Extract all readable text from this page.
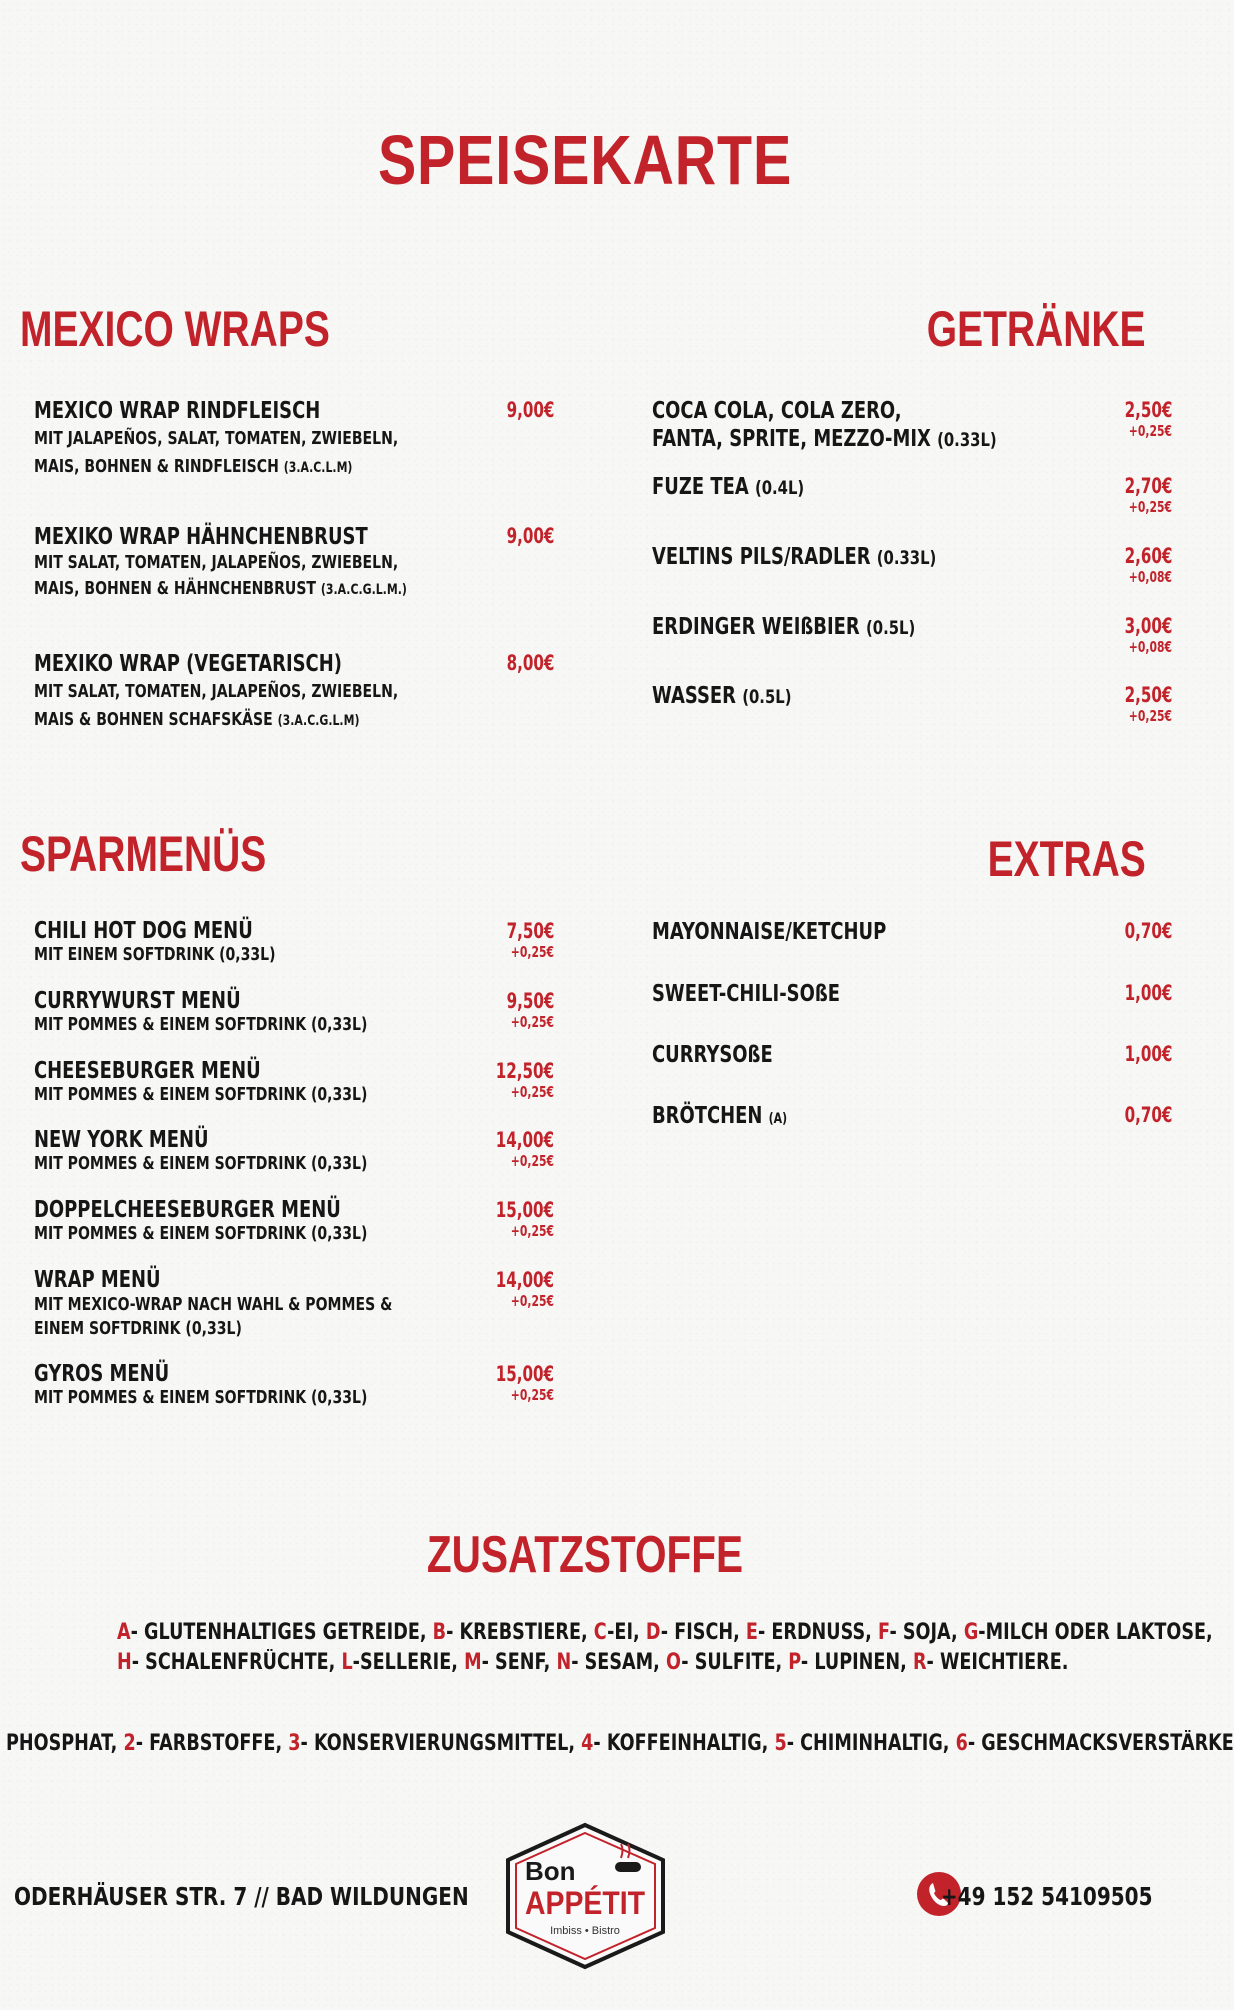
SPEISEKARTE
MEXICO WRAPS
MEXICO WRAP RINDFLEISCH
MIT JALAPEÑOS, SALAT, TOMATEN, ZWIEBELN,
MAIS, BOHNEN & RINDFLEISCH (3.A.C.L.M)
9,00€
MEXIKO WRAP HÄHNCHENBRUST
MIT SALAT, TOMATEN, JALAPEÑOS, ZWIEBELN,
MAIS, BOHNEN & HÄHNCHENBRUST (3.A.C.G.L.M.)
9,00€
MEXIKO WRAP (VEGETARISCH)
MIT SALAT, TOMATEN, JALAPEÑOS, ZWIEBELN,
MAIS & BOHNEN SCHAFSKÄSE (3.A.C.G.L.M)
8,00€
GETRÄNKE
COCA COLA, COLA ZERO,
FANTA, SPRITE, MEZZO-MIX (0.33L)
2,50€
+0,25€
FUZE TEA (0.4L)	2,70€
+0,25€
VELTINS PILS/RADLER (0.33L)	2,60€
+0,08€
ERDINGER WEIßBIER (0.5L)	3,00€
+0,08€
WASSER (0.5L)	2,50€
+0,25€
SPARMENÜS
CHILI HOT DOG MENÜ
MIT EINEM SOFTDRINK (0,33L)
7,50€
+0,25€
CURRYWURST MENÜ
MIT POMMES & EINEM SOFTDRINK (0,33L)
9,50€
+0,25€
CHEESEBURGER MENÜ
MIT POMMES & EINEM SOFTDRINK (0,33L)
12,50€
+0,25€
NEW YORK MENÜ
MIT POMMES & EINEM SOFTDRINK (0,33L)
14,00€
+0,25€
DOPPELCHEESEBURGER MENÜ
MIT POMMES & EINEM SOFTDRINK (0,33L)
15,00€
+0,25€
WRAP MENÜ
MIT MEXICO-WRAP NACH WAHL & POMMES &
EINEM SOFTDRINK (0,33L)
14,00€
+0,25€
GYROS MENÜ
MIT POMMES & EINEM SOFTDRINK (0,33L)
15,00€
+0,25€
EXTRAS
MAYONNAISE/KETCHUP	0,70€
SWEET-CHILI-SOßE	1,00€
CURRYSOßE	1,00€
BRÖTCHEN (A)	0,70€
ZUSATZSTOFFE
A- GLUTENHALTIGES GETREIDE, B- KREBSTIERE, C-EI, D- FISCH, E- ERDNUSS, F- SOJA, G-MILCH ODER LAKTOSE,
H- SCHALENFRÜCHTE, L-SELLERIE, M- SENF, N- SESAM, O- SULFITE, P- LUPINEN, R- WEICHTIERE.
PHOSPHAT, 2- FARBSTOFFE, 3- KONSERVIERUNGSMITTEL, 4- KOFFEINHALTIG, 5- CHIMINHALTIG, 6- GESCHMACKSVERSTÄRKE
ODERHÄUSER STR. 7 // BAD WILDUNGEN
Bon
APPÉTIT
Imbiss • Bistro
+49 152 54109505
